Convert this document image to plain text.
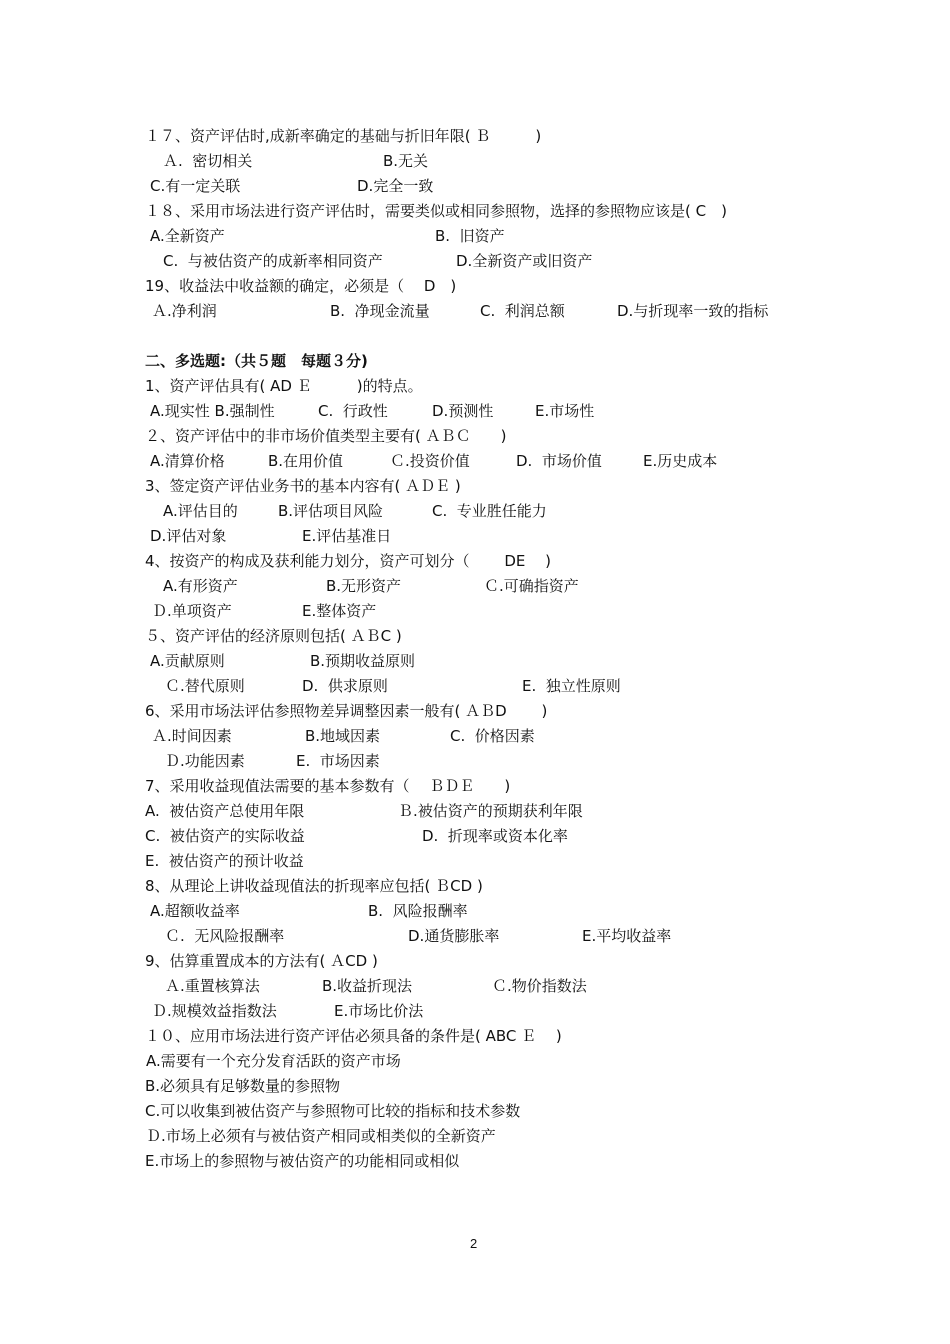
１７、资产评估时,成新率确定的基础与折旧年限( Ｂ　　　)
Ａ.  密切相关	B.无关
C.有一定关联	D.完全一致
１８、采用市场法进行资产评估时，需要类似或相同参照物，选择的参照物应该是( C　)
A.全新资产	B.  旧资产
C.  与被估资产的成新率相同资产	D.全新资产或旧资产
19、收益法中收益额的确定，必须是（　 D　)
Ａ.净利润	B.  净现金流量	C.  利润总额	D.与折现率一致的指标
二、多选题:（共５题　每题３分)
1、资产评估具有( AD Ｅ　　　)的特点。
A.现实性 B.强制性	C.  行政性	D.预测性	E.市场性
２、资产评估中的非市场价值类型主要有( ＡＢＣ　　)
A.清算价格	B.在用价值	Ｃ.投资价值	D.  市场价值	E.历史成本
3、签定资产评估业务书的基本内容有( ＡＤＥ )
A.评估目的	B.评估项目风险	C.  专业胜任能力
D.评估对象	E.评估基准日
4、按资产的构成及获利能力划分，资产可划分（　 　DE　 )
A.有形资产	B.无形资产	Ｃ.可确指资产
Ｄ.单项资产	E.整体资产
５、资产评估的经济原则包括( ＡＢC )
A.贡献原则	B.预期收益原则
Ｃ.替代原则	D.  供求原则	E.  独立性原则
6、采用市场法评估参照物差异调整因素一般有( ＡＢD　　 )
Ａ.时间因素	B.地域因素	C.  价格因素
Ｄ.功能因素	E.  市场因素
7、采用收益现值法需要的基本参数有（　 ＢＤＥ　　)
A.  被估资产总使用年限	Ｂ.被估资产的预期获利年限
C.  被估资产的实际收益	D.  折现率或资本化率
E.  被估资产的预计收益
8、从理论上讲收益现值法的折现率应包括( ＢCD )
A.超额收益率	B.  风险报酬率
Ｃ.  无风险报酬率	D.通货膨胀率	E.平均收益率
9、估算重置成本的方法有( ＡCD )
Ａ.重置核算法	B.收益折现法	Ｃ.物价指数法
Ｄ.规模效益指数法	E.市场比价法
１０、应用市场法进行资产评估必须具备的条件是( ABC Ｅ　 )
A.需要有一个充分发育活跃的资产市场
B.必须具有足够数量的参照物
C.可以收集到被估资产与参照物可比较的指标和技术参数
Ｄ.市场上必须有与被估资产相同或相类似的全新资产
E.市场上的参照物与被估资产的功能相同或相似
2
